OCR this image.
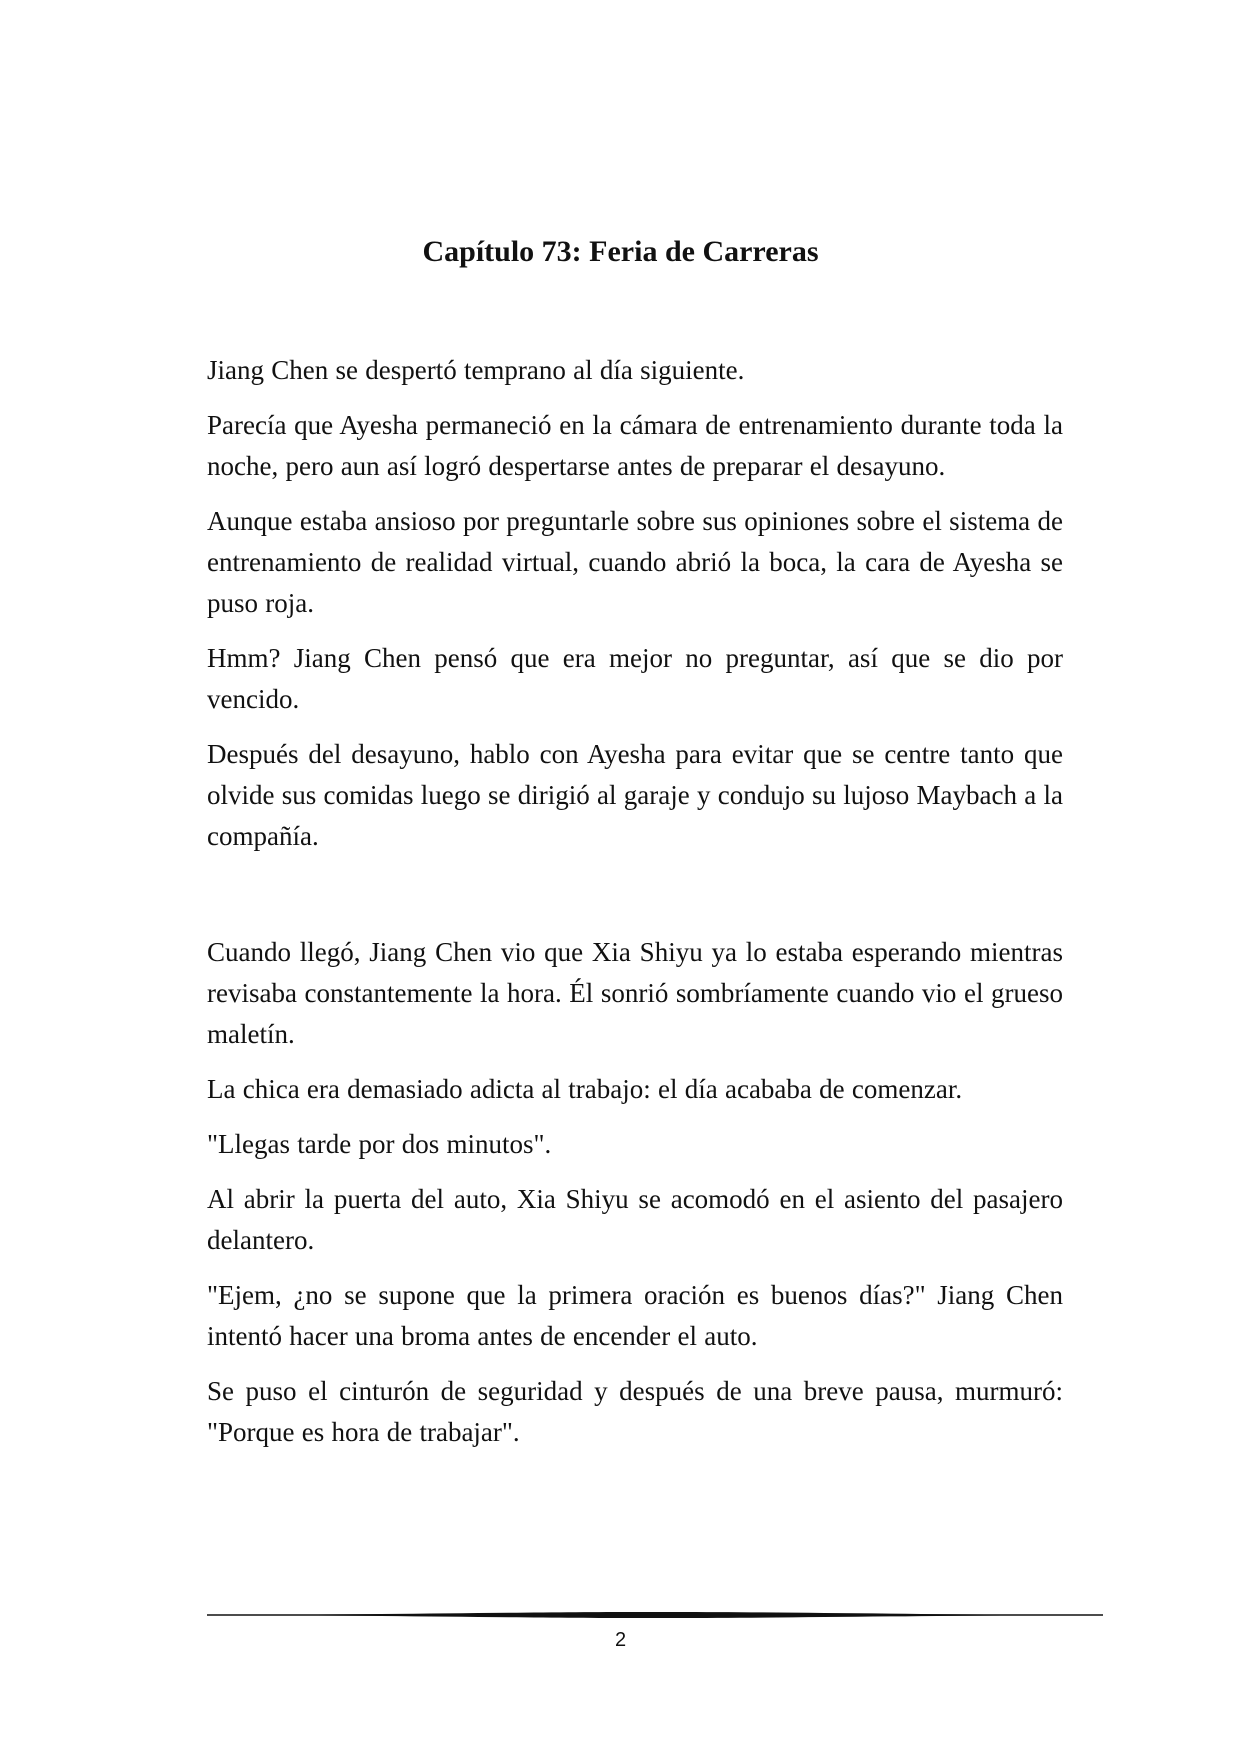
Capítulo 73: Feria de Carreras

Jiang Chen se despertó temprano al día siguiente.

Parecía que Ayesha permaneció en la cámara de entrenamiento durante toda la noche, pero aun así logró despertarse antes de preparar el desayuno.

Aunque estaba ansioso por preguntarle sobre sus opiniones sobre el sistema de entrenamiento de realidad virtual, cuando abrió la boca, la cara de Ayesha se puso roja.

Hmm? Jiang Chen pensó que era mejor no preguntar, así que se dio por vencido.

Después del desayuno, hablo con Ayesha para evitar que se centre tanto que olvide sus comidas luego se dirigió al garaje y condujo su lujoso Maybach a la compañía.

Cuando llegó, Jiang Chen vio que Xia Shiyu ya lo estaba esperando mientras revisaba constantemente la hora. Él sonrió sombríamente cuando vio el grueso maletín.

La chica era demasiado adicta al trabajo: el día acababa de comenzar.

"Llegas tarde por dos minutos".

Al abrir la puerta del auto, Xia Shiyu se acomodó en el asiento del pasajero delantero.

"Ejem, ¿no se supone que la primera oración es buenos días?" Jiang Chen intentó hacer una broma antes de encender el auto.

Se puso el cinturón de seguridad y después de una breve pausa, murmuró: "Porque es hora de trabajar".

2
